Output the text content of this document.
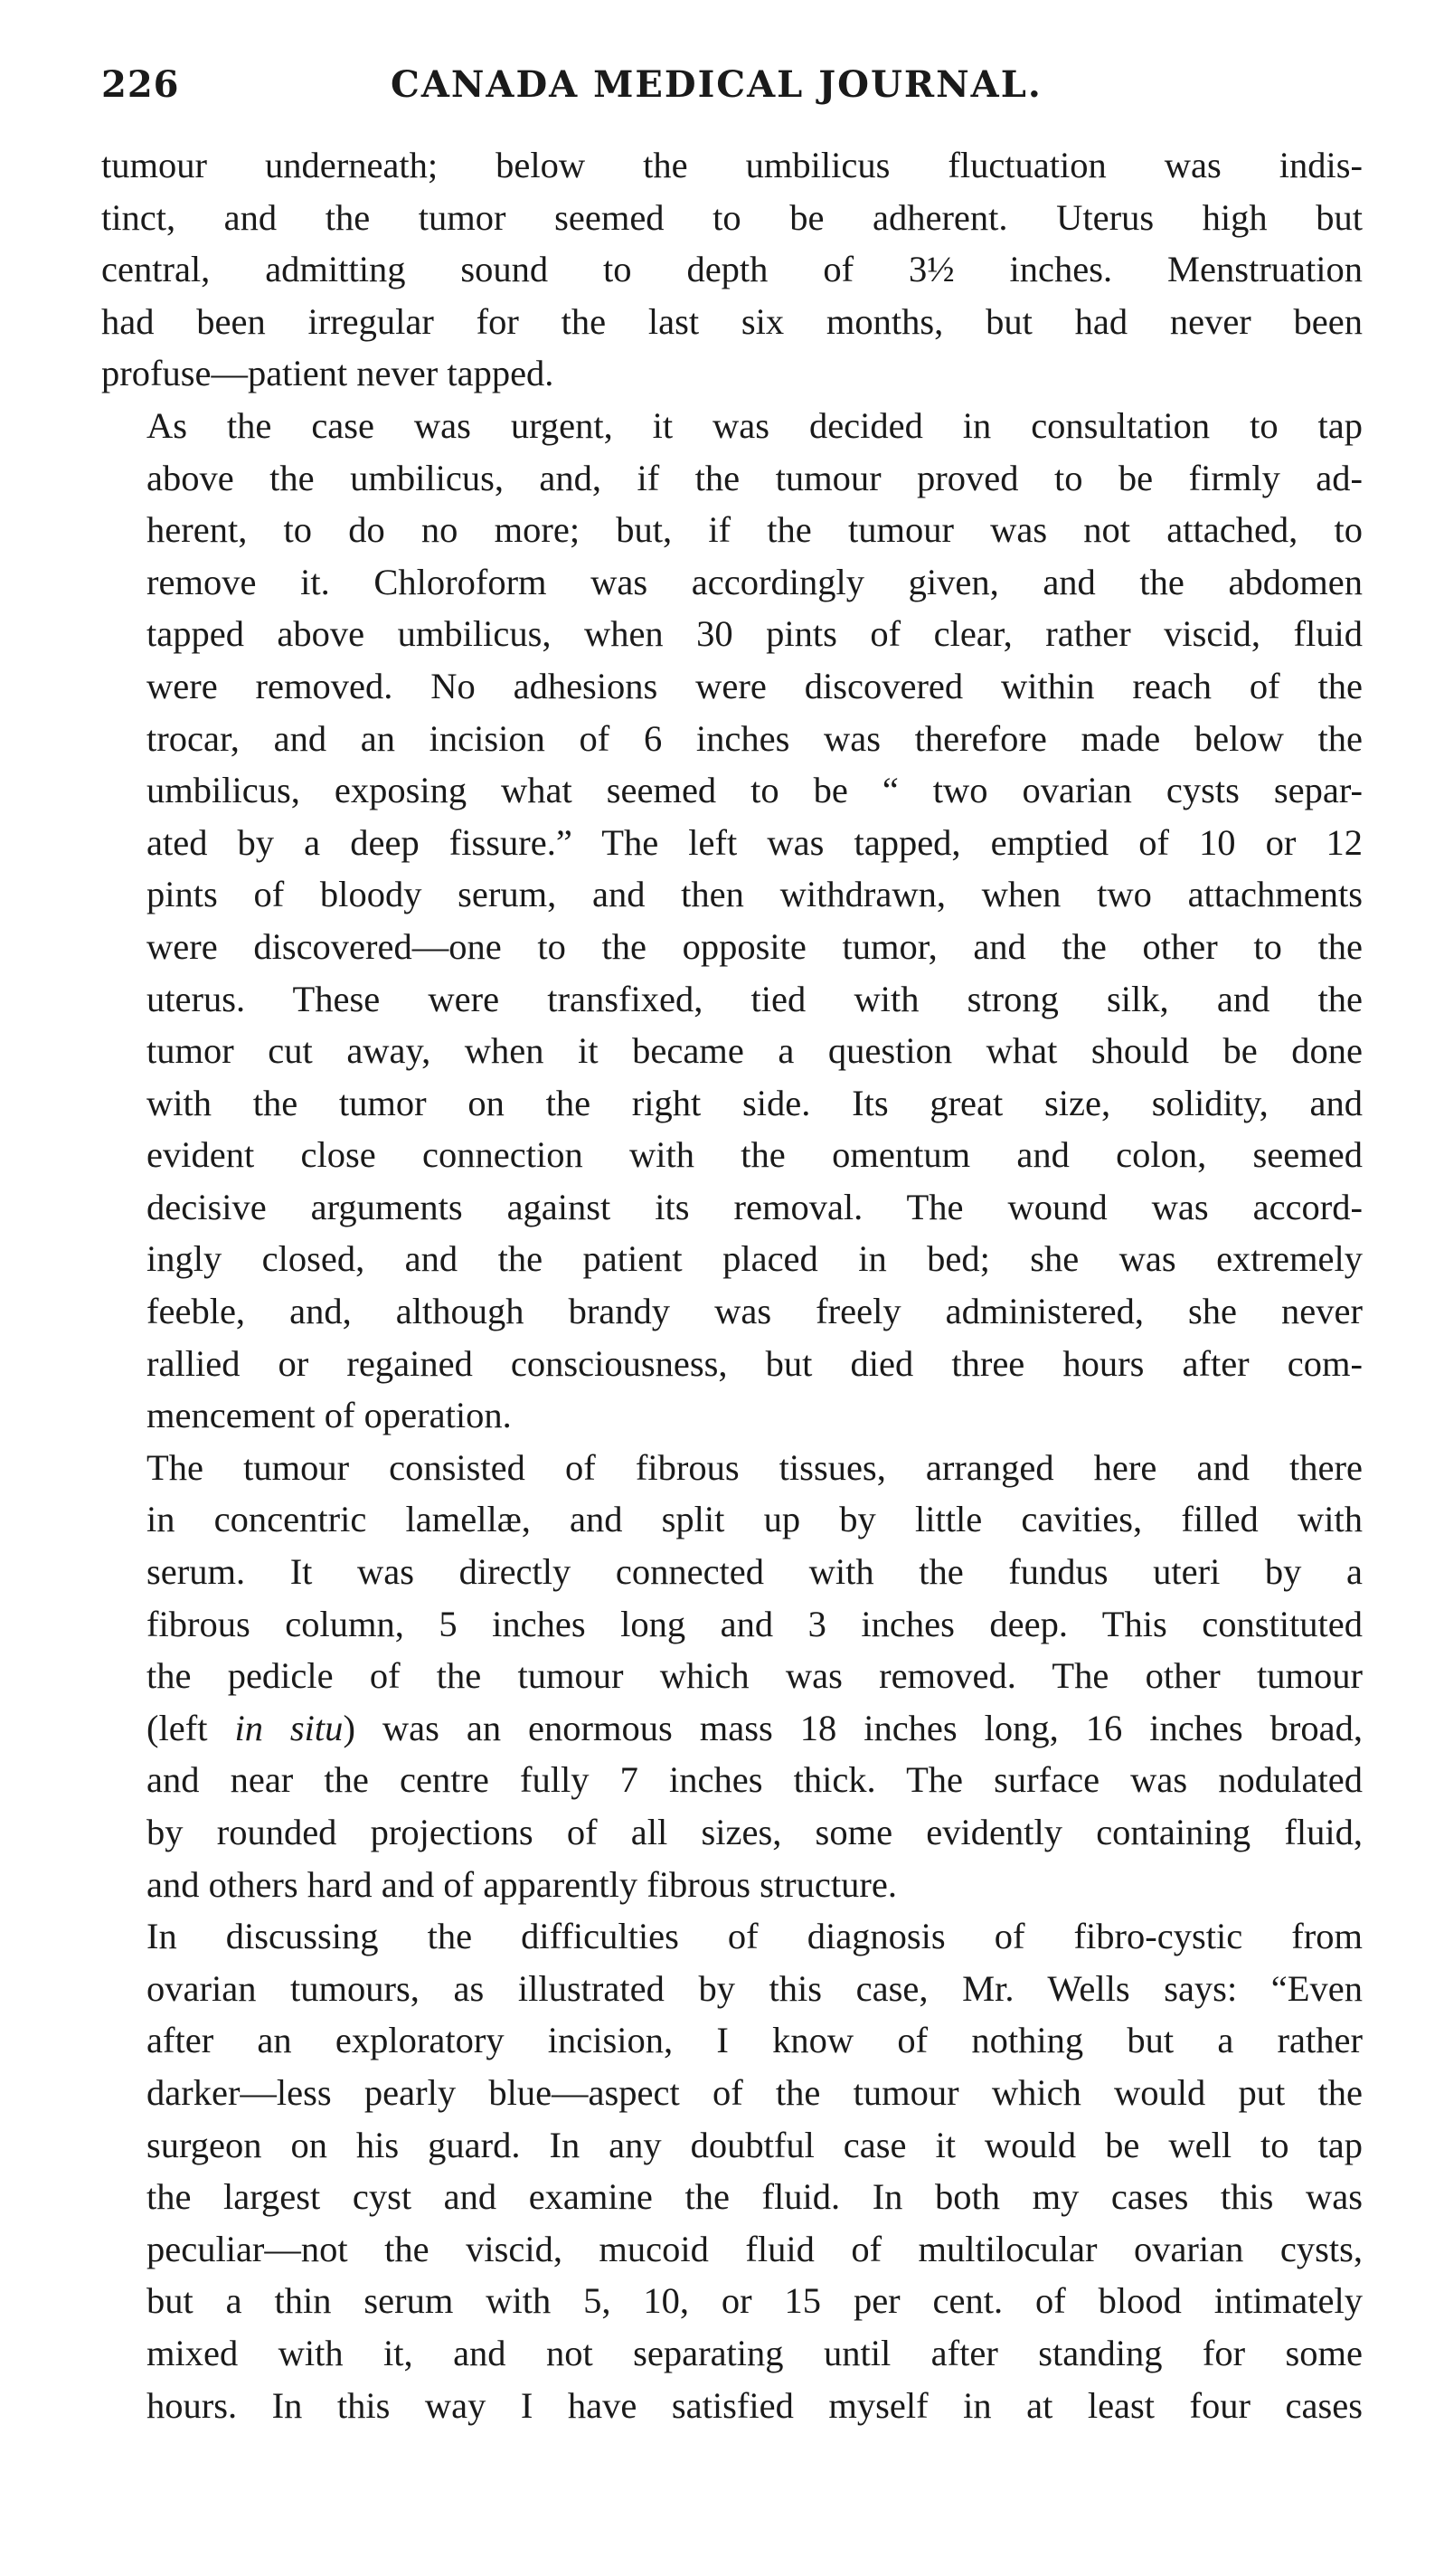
226	CANADA MEDICAL JOURNAL.
tumour underneath; below the umbilicus fluctuation was indis-
tinct, and the tumor seemed to be adherent. Uterus high but
central, admitting sound to depth of 3½ inches. Menstruation
had been irregular for the last six months, but had never been
profuse—patient never tapped.
As the case was urgent, it was decided in consultation to tap
above the umbilicus, and, if the tumour proved to be firmly ad-
herent, to do no more; but, if the tumour was not attached, to
remove it. Chloroform was accordingly given, and the abdomen
tapped above umbilicus, when 30 pints of clear, rather viscid, fluid
were removed. No adhesions were discovered within reach of the
trocar, and an incision of 6 inches was therefore made below the
umbilicus, exposing what seemed to be “ two ovarian cysts separ-
ated by a deep fissure.” The left was tapped, emptied of 10 or 12
pints of bloody serum, and then withdrawn, when two attachments
were discovered—one to the opposite tumor, and the other to the
uterus. These were transfixed, tied with strong silk, and the
tumor cut away, when it became a question what should be done
with the tumor on the right side. Its great size, solidity, and
evident close connection with the omentum and colon, seemed
decisive arguments against its removal. The wound was accord-
ingly closed, and the patient placed in bed; she was extremely
feeble, and, although brandy was freely administered, she never
rallied or regained consciousness, but died three hours after com-
mencement of operation.
The tumour consisted of fibrous tissues, arranged here and there
in concentric lamellæ, and split up by little cavities, filled with
serum. It was directly connected with the fundus uteri by a
fibrous column, 5 inches long and 3 inches deep. This constituted
the pedicle of the tumour which was removed. The other tumour
(left in situ) was an enormous mass 18 inches long, 16 inches broad,
and near the centre fully 7 inches thick. The surface was nodulated
by rounded projections of all sizes, some evidently containing fluid,
and others hard and of apparently fibrous structure.
In discussing the difficulties of diagnosis of fibro-cystic from
ovarian tumours, as illustrated by this case, Mr. Wells says: “Even
after an exploratory incision, I know of nothing but a rather
darker—less pearly blue—aspect of the tumour which would put the
surgeon on his guard. In any doubtful case it would be well to tap
the largest cyst and examine the fluid. In both my cases this was
peculiar—not the viscid, mucoid fluid of multilocular ovarian cysts,
but a thin serum with 5, 10, or 15 per cent. of blood intimately
mixed with it, and not separating until after standing for some
hours. In this way I have satisfied myself in at least four cases
